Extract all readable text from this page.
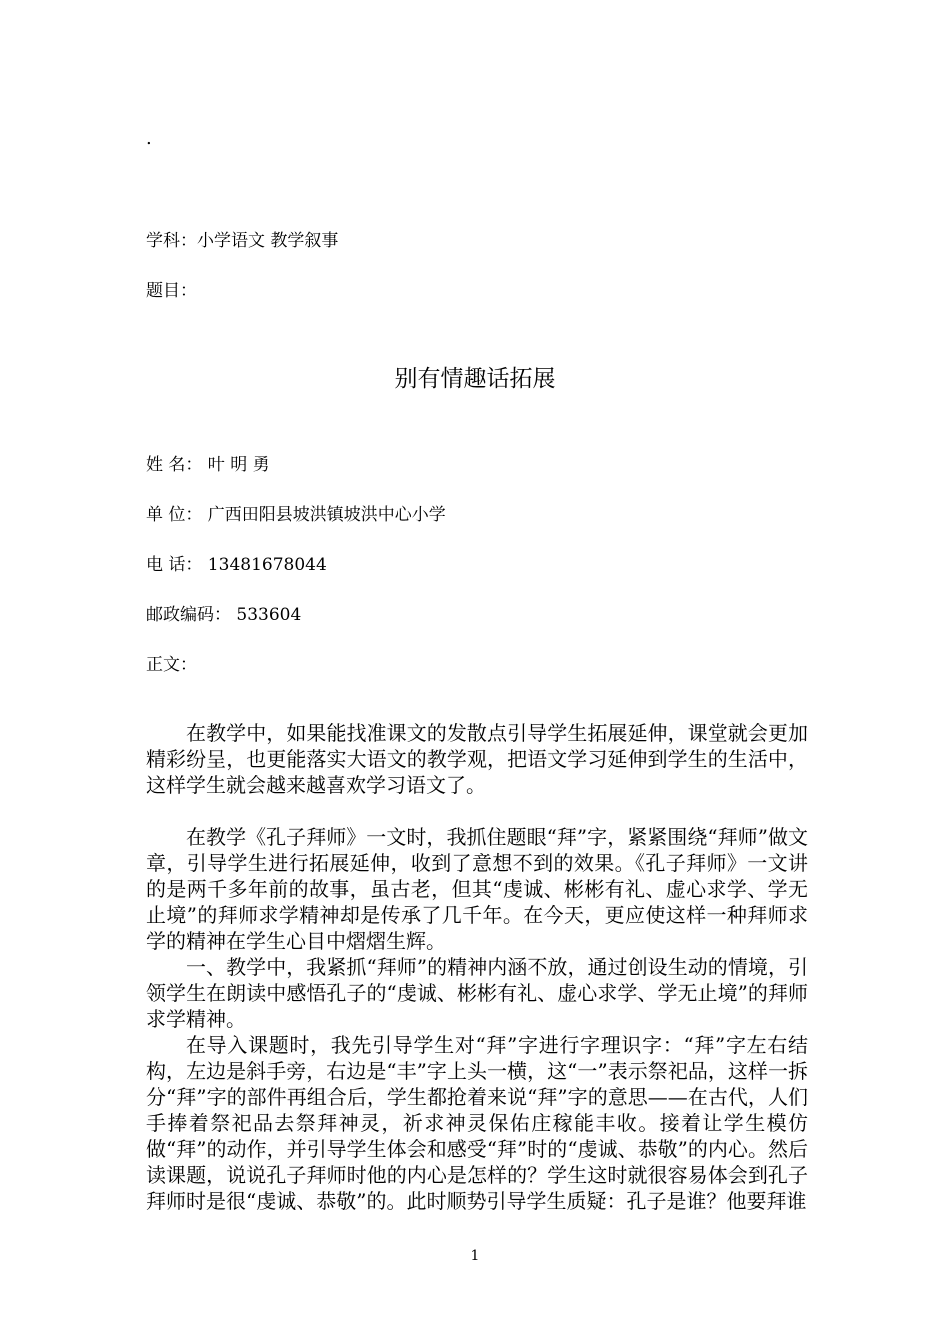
.
学科：小学语文 教学叙事
题目：
别有情趣话拓展
姓 名： 叶 明 勇
单 位： 广西田阳县坡洪镇坡洪中心小学
电 话： 13481678044
邮政编码： 533604
正文：

在教学中，如果能找准课文的发散点引导学生拓展延伸，课堂就会更加精彩纷呈，也更能落实大语文的教学观，把语文学习延伸到学生的生活中，这样学生就会越来越喜欢学习语文了。

在教学《孔子拜师》一文时，我抓住题眼“拜”字，紧紧围绕“拜师”做文章，引导学生进行拓展延伸，收到了意想不到的效果。《孔子拜师》一文讲的是两千多年前的故事，虽古老，但其“虔诚、彬彬有礼、虚心求学、学无止境”的拜师求学精神却是传承了几千年。在今天，更应使这样一种拜师求学的精神在学生心目中熠熠生辉。

一、教学中，我紧抓“拜师”的精神内涵不放，通过创设生动的情境，引领学生在朗读中感悟孔子的“虔诚、彬彬有礼、虚心求学、学无止境”的拜师求学精神。

在导入课题时，我先引导学生对“拜”字进行字理识字：“拜”字左右结构，左边是斜手旁，右边是“丰”字上头一横，这“一”表示祭祀品，这样一拆分“拜”字的部件再组合后，学生都抢着来说“拜”字的意思——在古代，人们手捧着祭祀品去祭拜神灵，祈求神灵保佑庄稼能丰收。接着让学生模仿做“拜”的动作，并引导学生体会和感受“拜”时的“虔诚、恭敬”的内心。然后读课题，说说孔子拜师时他的内心是怎样的？学生这时就很容易体会到孔子拜师时是很“虔诚、恭敬”的。此时顺势引导学生质疑：孔子是谁？他要拜谁

1
